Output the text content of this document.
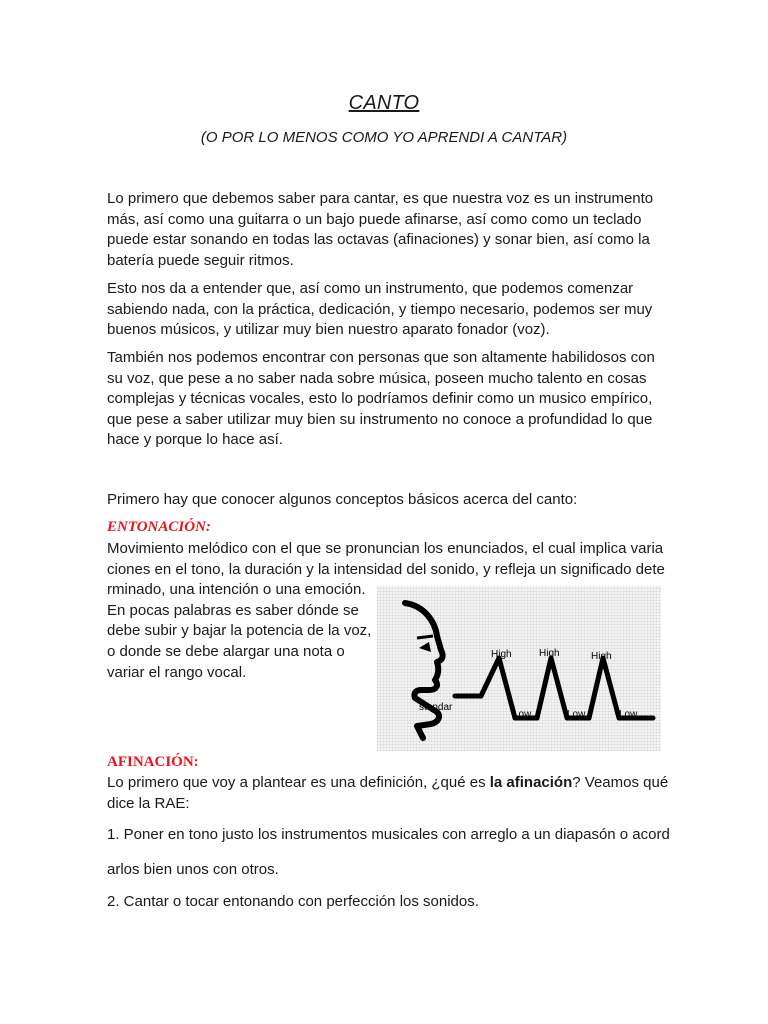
CANTO
(O POR LO MENOS COMO YO APRENDI A CANTAR)

Lo primero que debemos saber para cantar, es que nuestra voz es un instrumento
más, así como una guitarra o un bajo puede afinarse, así como como un teclado
puede estar sonando en todas las octavas (afinaciones) y sonar bien, así como la
batería puede seguir ritmos.

Esto nos da a entender que, así como un instrumento, que podemos comenzar
sabiendo nada, con la práctica, dedicación, y tiempo necesario, podemos ser muy
buenos músicos, y utilizar muy bien nuestro aparato fonador (voz).

También nos podemos encontrar con personas que son altamente habilidosos con
su voz, que pese a no saber nada sobre música, poseen mucho talento en cosas
complejas y técnicas vocales, esto lo podríamos definir como un musico empírico,
que pese a saber utilizar muy bien su instrumento no conoce a profundidad lo que
hace y porque lo hace así.

Primero hay que conocer algunos conceptos básicos acerca del canto:

ENTONACIÓN:

Movimiento melódico con el que se pronuncian los enunciados, el cual implica varia
ciones en el tono, la duración y la intensidad del sonido, y refleja un significado dete
rminado, una intención o una emoción.
En pocas palabras es saber dónde se
debe subir y bajar la potencia de la voz,
o donde se debe alargar una nota o
variar el rango vocal.

standar
High	High	High
Low	Low	Low
AFINACIÓN:

Lo primero que voy a plantear es una definición, ¿qué es la afinación? Veamos qué
dice la RAE:

1. Poner en tono justo los instrumentos musicales con arreglo a un diapasón o acord

arlos bien unos con otros.

2. Cantar o tocar entonando con perfección los sonidos.
